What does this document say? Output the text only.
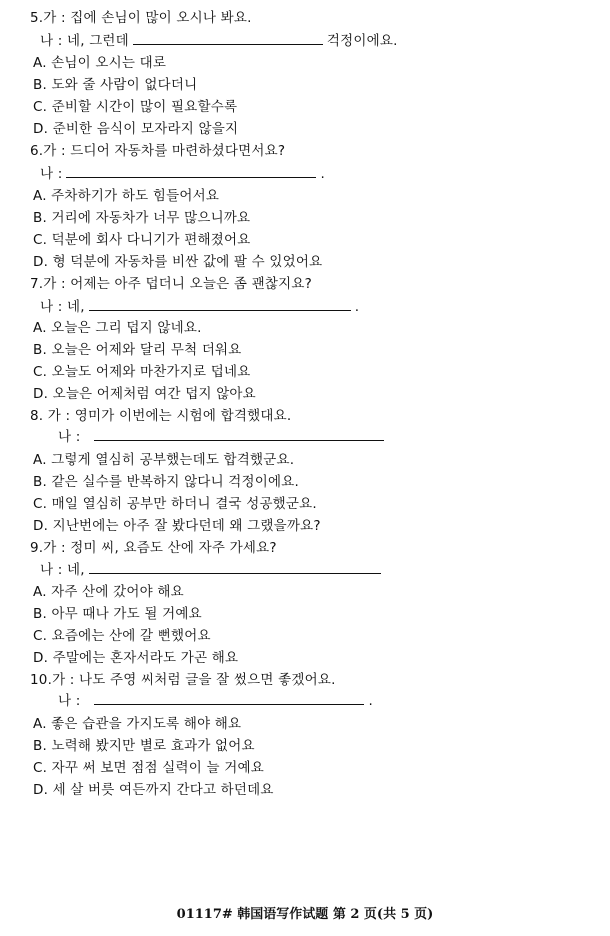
5.가 : 집에 손님이 많이 오시나 봐요.
나 : 네, 그런데	걱정이에요.
A. 손님이 오시는 대로
B. 도와 줄 사람이 없다더니
C. 준비할 시간이 많이 필요할수록
D. 준비한 음식이 모자라지 않을지
6.가 : 드디어 자동차를 마련하셨다면서요?
나 :	.
A. 주차하기가 하도 힘들어서요
B. 거리에 자동차가 너무 많으니까요
C. 덕분에 회사 다니기가 편해졌어요
D. 형 덕분에 자동차를 비싼 값에 팔 수 있었어요
7.가 : 어제는 아주 덥더니 오늘은 좀 괜찮지요?
나 : 네,	.
A. 오늘은 그리 덥지 않네요.
B. 오늘은 어제와 달리 무척 더워요
C. 오늘도 어제와 마찬가지로 덥네요
D. 오늘은 어제처럼 여간 덥지 않아요
8. 가 : 영미가 이번에는 시험에 합격했대요.
나 :
A. 그렇게 열심히 공부했는데도 합격했군요.
B. 같은 실수를 반복하지 않다니 걱정이에요.
C. 매일 열심히 공부만 하더니 결국 성공했군요.
D. 지난번에는 아주 잘 봤다던데 왜 그랬을까요?
9.가 : 정미 씨, 요즘도 산에 자주 가세요?
나 : 네,
A. 자주 산에 갔어야 해요
B. 아무 때나 가도 될 거예요
C. 요즘에는 산에 갈 뻔했어요
D. 주말에는 혼자서라도 가곤 해요
10.가 : 나도 주영 씨처럼 글을 잘 썼으면 좋겠어요.
나 :	.
A. 좋은 습관을 가지도록 해야 해요
B. 노력해 봤지만 별로 효과가 없어요
C. 자꾸 써 보면 점점 실력이 늘 거예요
D. 세 살 버릇 여든까지 간다고 하던데요
01117# 韩国语写作试题 第 2 页(共 5 页)
